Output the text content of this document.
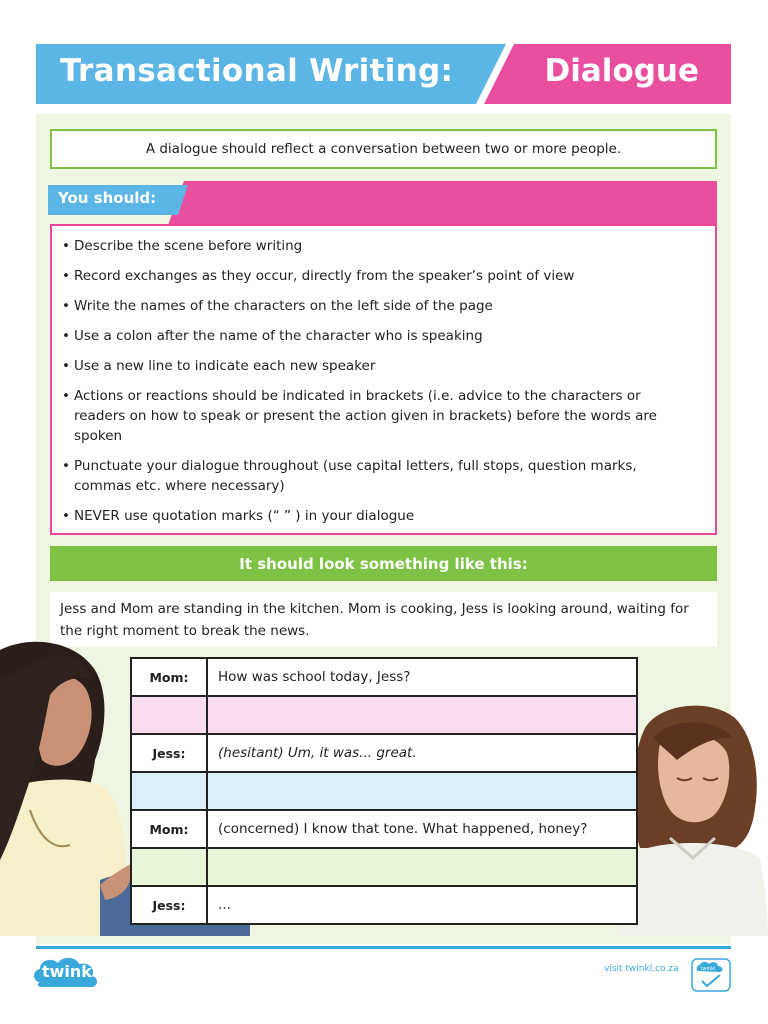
Transactional Writing:	Dialogue
A dialogue should reflect a conversation between two or more people.
You should:
• Describe the scene before writing
• Record exchanges as they occur, directly from the speaker’s point of view
• Write the names of the characters on the left side of the page
• Use a colon after the name of the character who is speaking
• Use a new line to indicate each new speaker
• Actions or reactions should be indicated in brackets (i.e. advice to the characters or readers on how to speak or present the action given in brackets) before the words are spoken
• Punctuate your dialogue throughout (use capital letters, full stops, question marks, commas etc. where necessary)
• NEVER use quotation marks (“ ” ) in your dialogue
It should look something like this:
Jess and Mom are standing in the kitchen. Mom is cooking, Jess is looking around, waiting for the right moment to break the news.
Mom:	How was school today, Jess?

Jess:	(hesitant) Um, it was... great.

Mom:	(concerned) I know that tone. What happened, honey?

Jess:	...
twinkl	visit twinkl.co.za	twinkl
